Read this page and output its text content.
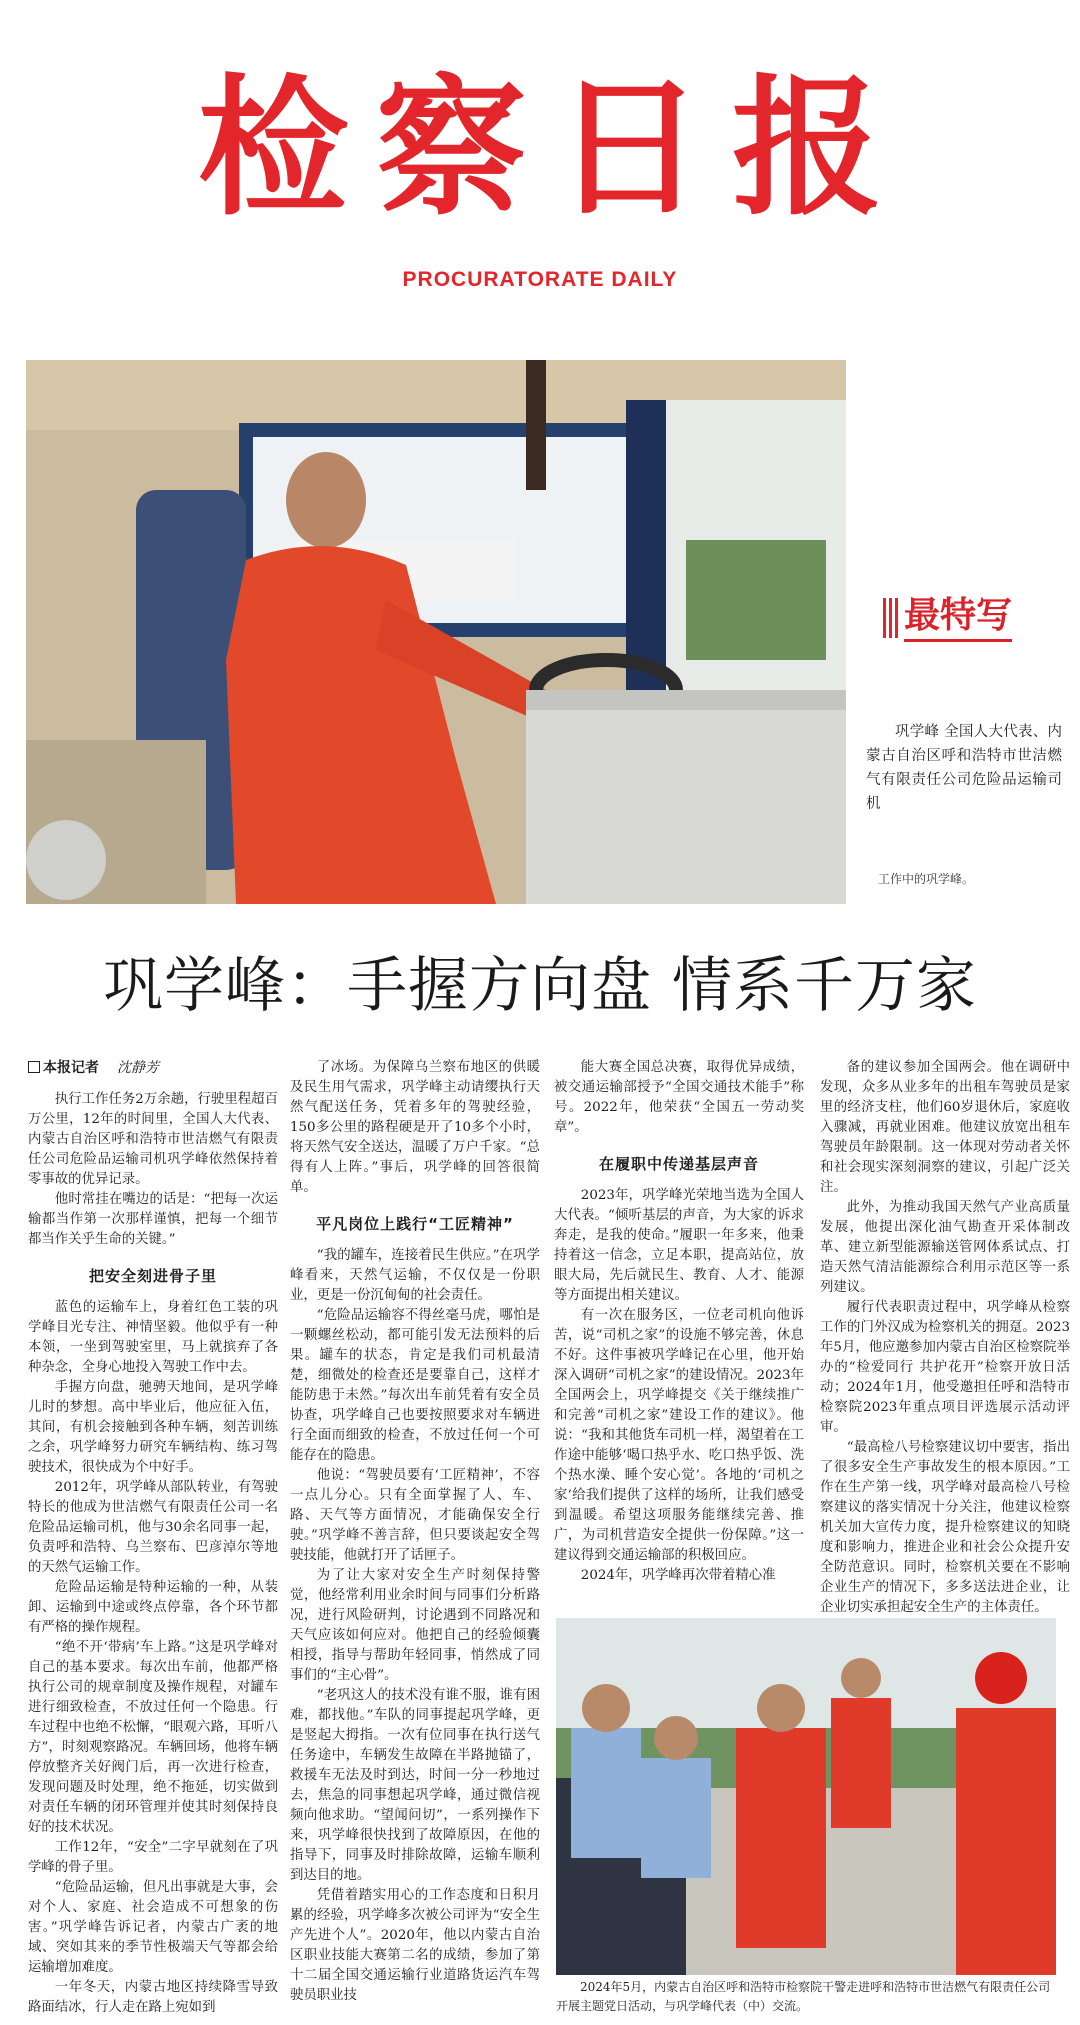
检察日报
PROCURATORATE DAILY
最特写
巩学峰 全国人大代表、内蒙古自治区呼和浩特市世洁燃气有限责任公司危险品运输司机
工作中的巩学峰。
巩学峰：手握方向盘 情系千万家

本报记者 沈静芳

执行工作任务2万余趟，行驶里程超百万公里，12年的时间里，全国人大代表、内蒙古自治区呼和浩特市世洁燃气有限责任公司危险品运输司机巩学峰依然保持着零事故的优异记录。

他时常挂在嘴边的话是：“把每一次运输都当作第一次那样谨慎，把每一个细节都当作关乎生命的关键。”

把安全刻进骨子里

蓝色的运输车上，身着红色工装的巩学峰目光专注、神情坚毅。他似乎有一种本领，一坐到驾驶室里，马上就摈弃了各种杂念，全身心地投入驾驶工作中去。

手握方向盘，驰骋天地间，是巩学峰儿时的梦想。高中毕业后，他应征入伍，其间，有机会接触到各种车辆，刻苦训练之余，巩学峰努力研究车辆结构、练习驾驶技术，很快成为个中好手。

2012年，巩学峰从部队转业，有驾驶特长的他成为世洁燃气有限责任公司一名危险品运输司机，他与30余名同事一起，负责呼和浩特、乌兰察布、巴彦淖尔等地的天然气运输工作。

危险品运输是特种运输的一种，从装卸、运输到中途或终点停靠，各个环节都有严格的操作规程。

“绝不开‘带病’车上路。”这是巩学峰对自己的基本要求。每次出车前，他都严格执行公司的规章制度及操作规程，对罐车进行细致检查，不放过任何一个隐患。行车过程中也绝不松懈，“眼观六路，耳听八方”，时刻观察路况。车辆回场，他将车辆停放整齐关好阀门后，再一次进行检查，发现问题及时处理，绝不拖延，切实做到对责任车辆的闭环管理并使其时刻保持良好的技术状况。

工作12年，“安全”二字早就刻在了巩学峰的骨子里。

“危险品运输，但凡出事就是大事，会对个人、家庭、社会造成不可想象的伤害。”巩学峰告诉记者，内蒙古广袤的地域、突如其来的季节性极端天气等都会给运输增加难度。

一年冬天，内蒙古地区持续降雪导致路面结冰，行人走在路上宛如到

了冰场。为保障乌兰察布地区的供暖及民生用气需求，巩学峰主动请缨执行天然气配送任务，凭着多年的驾驶经验，150多公里的路程硬是开了10多个小时，将天然气安全送达，温暖了万户千家。“总得有人上阵。”事后，巩学峰的回答很简单。

平凡岗位上践行“工匠精神”

“我的罐车，连接着民生供应。”在巩学峰看来，天然气运输，不仅仅是一份职业，更是一份沉甸甸的社会责任。

“危险品运输容不得丝毫马虎，哪怕是一颗螺丝松动，都可能引发无法预料的后果。罐车的状态，肯定是我们司机最清楚，细微处的检查还是要靠自己，这样才能防患于未然。”每次出车前凭着有安全员协查，巩学峰自己也要按照要求对车辆进行全面而细致的检查，不放过任何一个可能存在的隐患。

他说：“驾驶员要有‘工匠精神’，不容一点儿分心。只有全面掌握了人、车、路、天气等方面情况，才能确保安全行驶。”巩学峰不善言辞，但只要谈起安全驾驶技能，他就打开了话匣子。

为了让大家对安全生产时刻保持警觉，他经常利用业余时间与同事们分析路况，进行风险研判，讨论遇到不同路况和天气应该如何应对。他把自己的经验倾囊相授，指导与帮助年轻同事，悄然成了同事们的“主心骨”。

“老巩这人的技术没有谁不服，谁有困难，都找他。”车队的同事提起巩学峰，更是竖起大拇指。一次有位同事在执行送气任务途中，车辆发生故障在半路抛锚了，救援车无法及时到达，时间一分一秒地过去，焦急的同事想起巩学峰，通过微信视频向他求助。“望闻问切”，一系列操作下来，巩学峰很快找到了故障原因，在他的指导下，同事及时排除故障，运输车顺利到达目的地。

凭借着踏实用心的工作态度和日积月累的经验，巩学峰多次被公司评为“安全生产先进个人”。2020年，他以内蒙古自治区职业技能大赛第二名的成绩，参加了第十二届全国交通运输行业道路货运汽车驾驶员职业技

能大赛全国总决赛，取得优异成绩，被交通运输部授予“全国交通技术能手”称号。2022年，他荣获“全国五一劳动奖章”。

在履职中传递基层声音

2023年，巩学峰光荣地当选为全国人大代表。“倾听基层的声音，为大家的诉求奔走，是我的使命。”履职一年多来，他秉持着这一信念，立足本职，提高站位，放眼大局，先后就民生、教育、人才、能源等方面提出相关建议。

有一次在服务区，一位老司机向他诉苦，说“司机之家”的设施不够完善，休息不好。这件事被巩学峰记在心里，他开始深入调研“司机之家”的建设情况。2023年全国两会上，巩学峰提交《关于继续推广和完善“司机之家”建设工作的建议》。他说：“我和其他货车司机一样，渴望着在工作途中能够‘喝口热乎水、吃口热乎饭、洗个热水澡、睡个安心觉’。各地的‘司机之家’给我们提供了这样的场所，让我们感受到温暖。希望这项服务能继续完善、推广，为司机营造安全提供一份保障。”这一建议得到交通运输部的积极回应。

2024年，巩学峰再次带着精心准

备的建议参加全国两会。他在调研中发现，众多从业多年的出租车驾驶员是家里的经济支柱，他们60岁退休后，家庭收入骤减，再就业困难。他建议放宽出租车驾驶员年龄限制。这一体现对劳动者关怀和社会现实深刻洞察的建议，引起广泛关注。

此外，为推动我国天然气产业高质量发展，他提出深化油气勘查开采体制改革、建立新型能源输送管网体系试点、打造天然气清洁能源综合利用示范区等一系列建议。

履行代表职责过程中，巩学峰从检察工作的门外汉成为检察机关的拥趸。2023年5月，他应邀参加内蒙古自治区检察院举办的“检爱同行 共护花开”检察开放日活动；2024年1月，他受邀担任呼和浩特市检察院2023年重点项目评选展示活动评审。

“最高检八号检察建议切中要害，指出了很多安全生产事故发生的根本原因。”工作在生产第一线，巩学峰对最高检八号检察建议的落实情况十分关注，他建议检察机关加大宣传力度，提升检察建议的知晓度和影响力，推进企业和社会公众提升安全防范意识。同时，检察机关要在不影响企业生产的情况下，多多送法进企业，让企业切实承担起安全生产的主体责任。

2024年5月，内蒙古自治区呼和浩特市检察院干警走进呼和浩特市世洁燃气有限责任公司开展主题党日活动，与巩学峰代表（中）交流。
